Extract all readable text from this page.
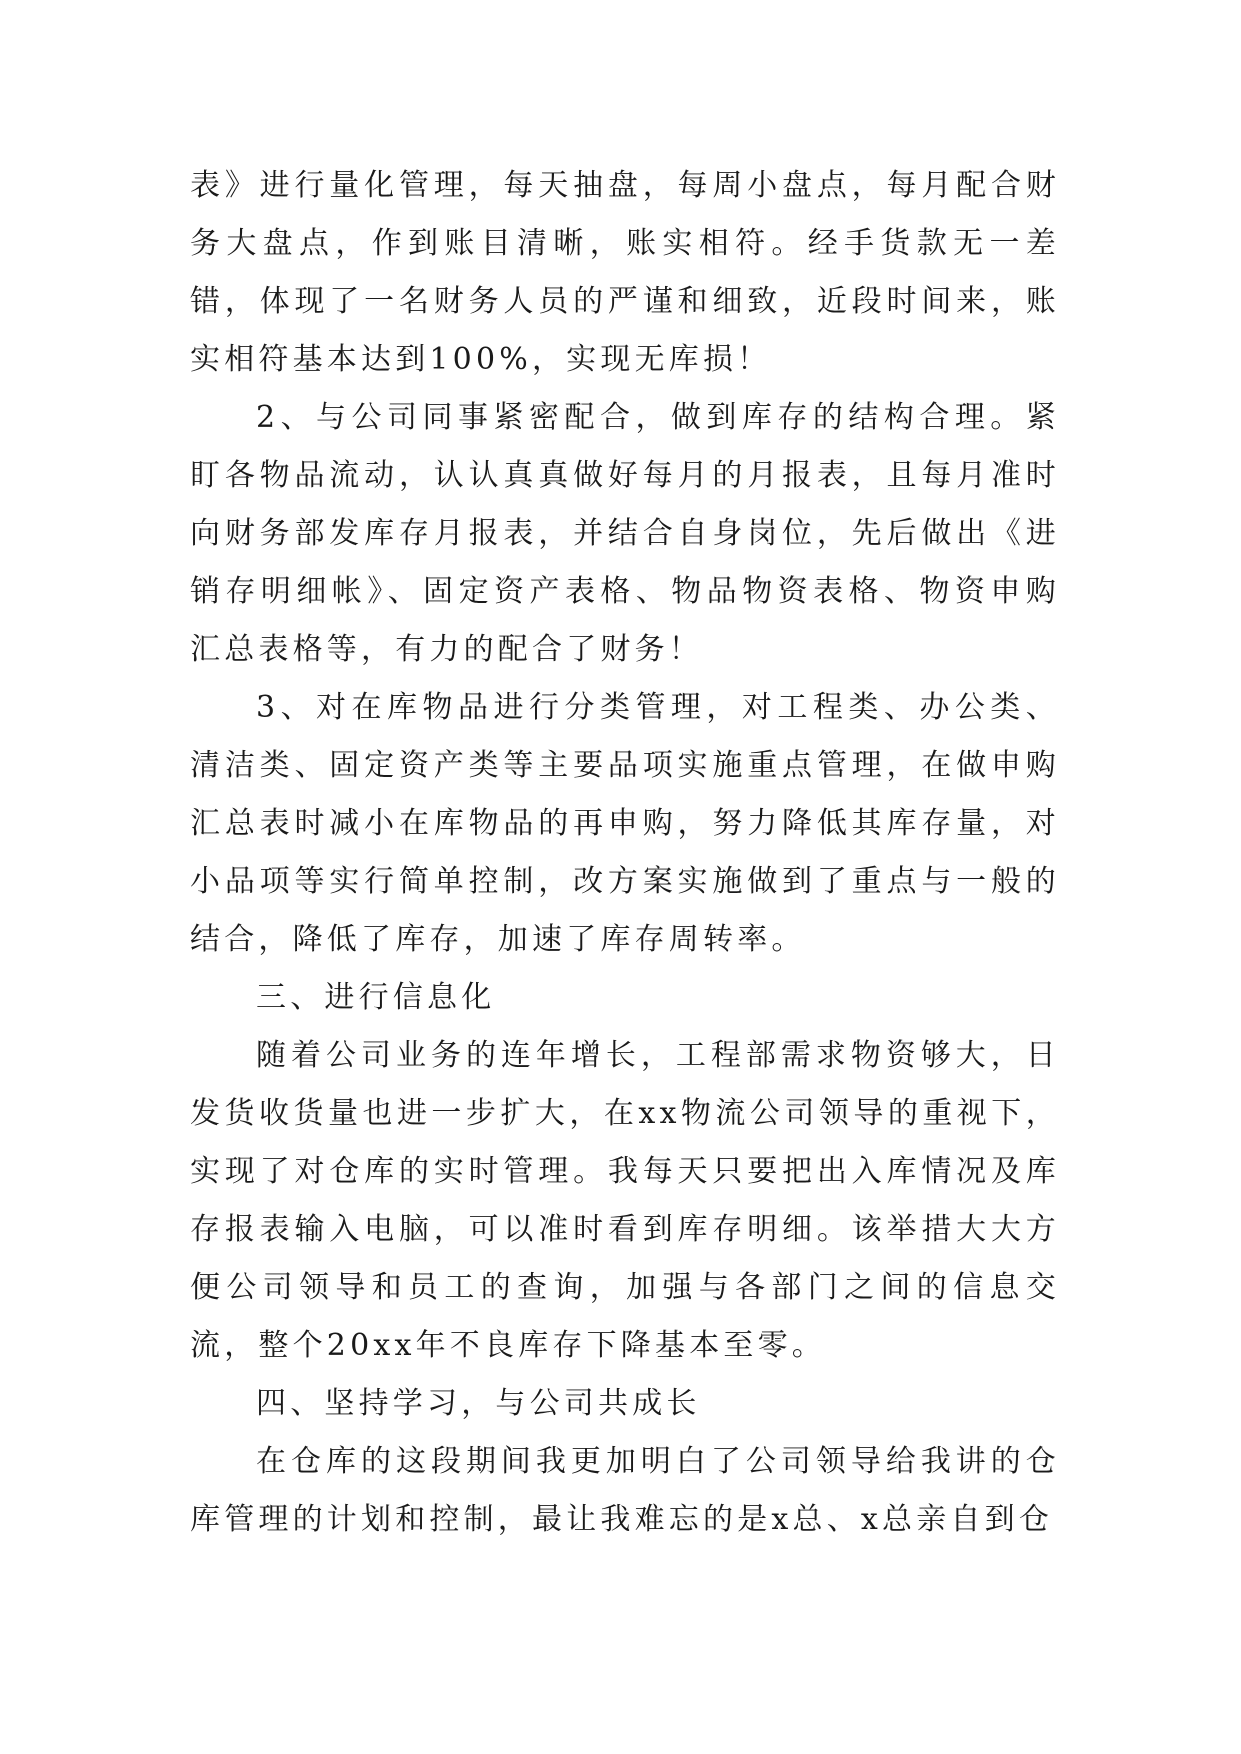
表》进行量化管理，每天抽盘，每周小盘点，每月配合财务大盘点，作到账目清晰，账实相符。经手货款无一差错，体现了一名财务人员的严谨和细致，近段时间来，账实相符基本达到100%，实现无库损！

2、与公司同事紧密配合，做到库存的结构合理。紧盯各物品流动，认认真真做好每月的月报表，且每月准时向财务部发库存月报表，并结合自身岗位，先后做出《进销存明细帐》、固定资产表格、物品物资表格、物资申购汇总表格等，有力的配合了财务！

3、对在库物品进行分类管理，对工程类、办公类、清洁类、固定资产类等主要品项实施重点管理，在做申购汇总表时减小在库物品的再申购，努力降低其库存量，对小品项等实行简单控制，改方案实施做到了重点与一般的结合，降低了库存，加速了库存周转率。

三、进行信息化

随着公司业务的连年增长，工程部需求物资够大，日发货收货量也进一步扩大，在xx物流公司领导的重视下，实现了对仓库的实时管理。我每天只要把出入库情况及库存报表输入电脑，可以准时看到库存明细。该举措大大方便公司领导和员工的查询，加强与各部门之间的信息交流，整个20xx年不良库存下降基本至零。

四、坚持学习，与公司共成长

在仓库的这段期间我更加明白了公司领导给我讲的仓库管理的计划和控制，最让我难忘的是x总、x总亲自到仓
